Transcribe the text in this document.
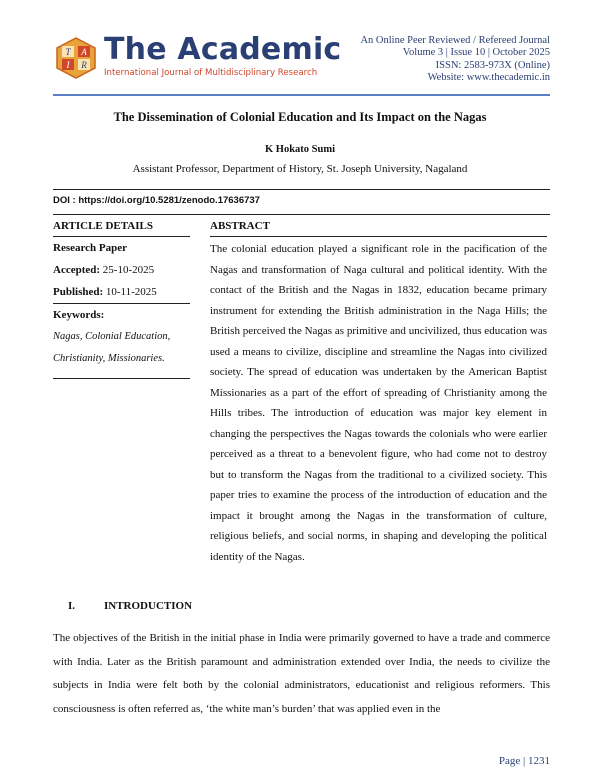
T A
I R The Academic
International Journal of Multidisciplinary Research
An Online Peer Reviewed / Refereed Journal
Volume 3 | Issue 10 | October 2025
ISSN: 2583-973X (Online)
Website: www.thecademic.in
The Dissemination of Colonial Education and Its Impact on the Nagas
K Hokato Sumi
Assistant Professor, Department of History, St. Joseph University, Nagaland
DOI : https://doi.org/10.5281/zenodo.17636737
ARTICLE DETAILS
Research Paper
Accepted: 25-10-2025
Published: 10-11-2025
Keywords:
Nagas, Colonial Education,
Christianity, Missionaries.
ABSTRACT
The colonial education played a significant role in the pacification of the Nagas and transformation of Naga cultural and political identity. With the contact of the British and the Nagas in 1832, education became primary instrument for extending the British administration in the Naga Hills; the British perceived the Nagas as primitive and uncivilized, thus education was used a means to civilize, discipline and streamline the Nagas into civilized society. The spread of education was undertaken by the American Baptist Missionaries as a part of the effort of spreading of Christianity among the Hills tribes. The introduction of education was major key element in changing the perspectives the Nagas towards the colonials who were earlier perceived as a threat to a benevolent figure, who had come not to destroy but to transform the Nagas from the traditional to a civilized society. This paper tries to examine the process of the introduction of education and the impact it brought among the Nagas in the transformation of culture, religious beliefs, and social norms, in shaping and developing the political identity of the Nagas.
I.	INTRODUCTION
The objectives of the British in the initial phase in India were primarily governed to have a trade and commerce with India. Later as the British paramount and administration extended over India, the needs to civilize the subjects in India were felt both by the colonial administrators, educationist and religious reformers. This consciousness is often referred as, ‘the white man’s burden’ that was applied even in the
Page | 1231
